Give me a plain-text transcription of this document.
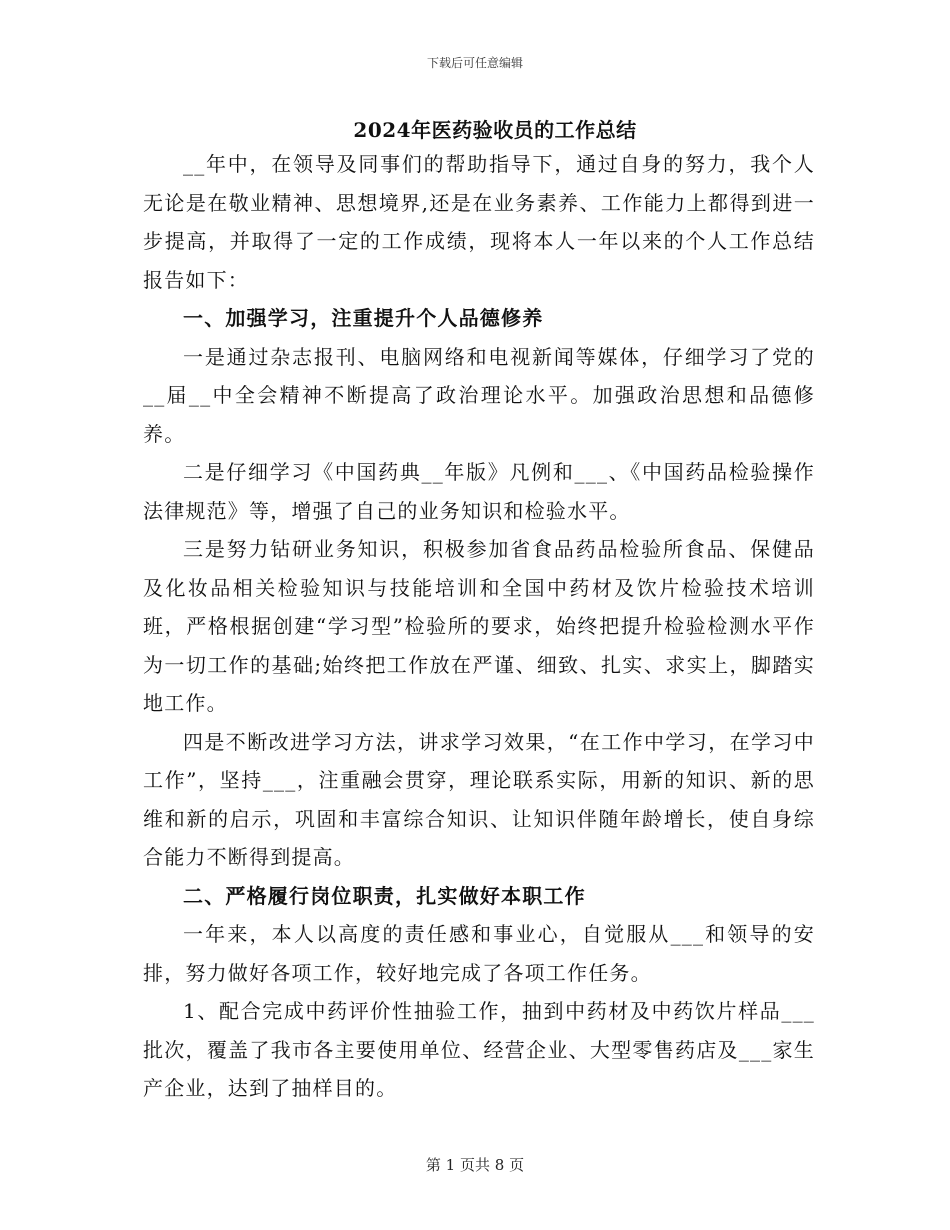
下载后可任意编辑
2024年医药验收员的工作总结

__年中，在领导及同事们的帮助指导下，通过自身的努力，我个人无论是在敬业精神、思想境界,还是在业务素养、工作能力上都得到进一步提高，并取得了一定的工作成绩，现将本人一年以来的个人工作总结报告如下：

一、加强学习，注重提升个人品德修养

一是通过杂志报刊、电脑网络和电视新闻等媒体，仔细学习了党的__届__中全会精神不断提高了政治理论水平。加强政治思想和品德修养。

二是仔细学习《中国药典__年版》凡例和___、《中国药品检验操作法律规范》等，增强了自己的业务知识和检验水平。

三是努力钻研业务知识，积极参加省食品药品检验所食品、保健品及化妆品相关检验知识与技能培训和全国中药材及饮片检验技术培训班，严格根据创建“学习型”检验所的要求，始终把提升检验检测水平作为一切工作的基础;始终把工作放在严谨、细致、扎实、求实上，脚踏实地工作。

四是不断改进学习方法，讲求学习效果，“在工作中学习，在学习中工作”，坚持___，注重融会贯穿，理论联系实际，用新的知识、新的思维和新的启示，巩固和丰富综合知识、让知识伴随年龄增长，使自身综合能力不断得到提高。

二、严格履行岗位职责，扎实做好本职工作

一年来，本人以高度的责任感和事业心，自觉服从___和领导的安排，努力做好各项工作，较好地完成了各项工作任务。

1、配合完成中药评价性抽验工作，抽到中药材及中药饮片样品___批次，覆盖了我市各主要使用单位、经营企业、大型零售药店及___家生产企业，达到了抽样目的。

第 1 页共 8 页
